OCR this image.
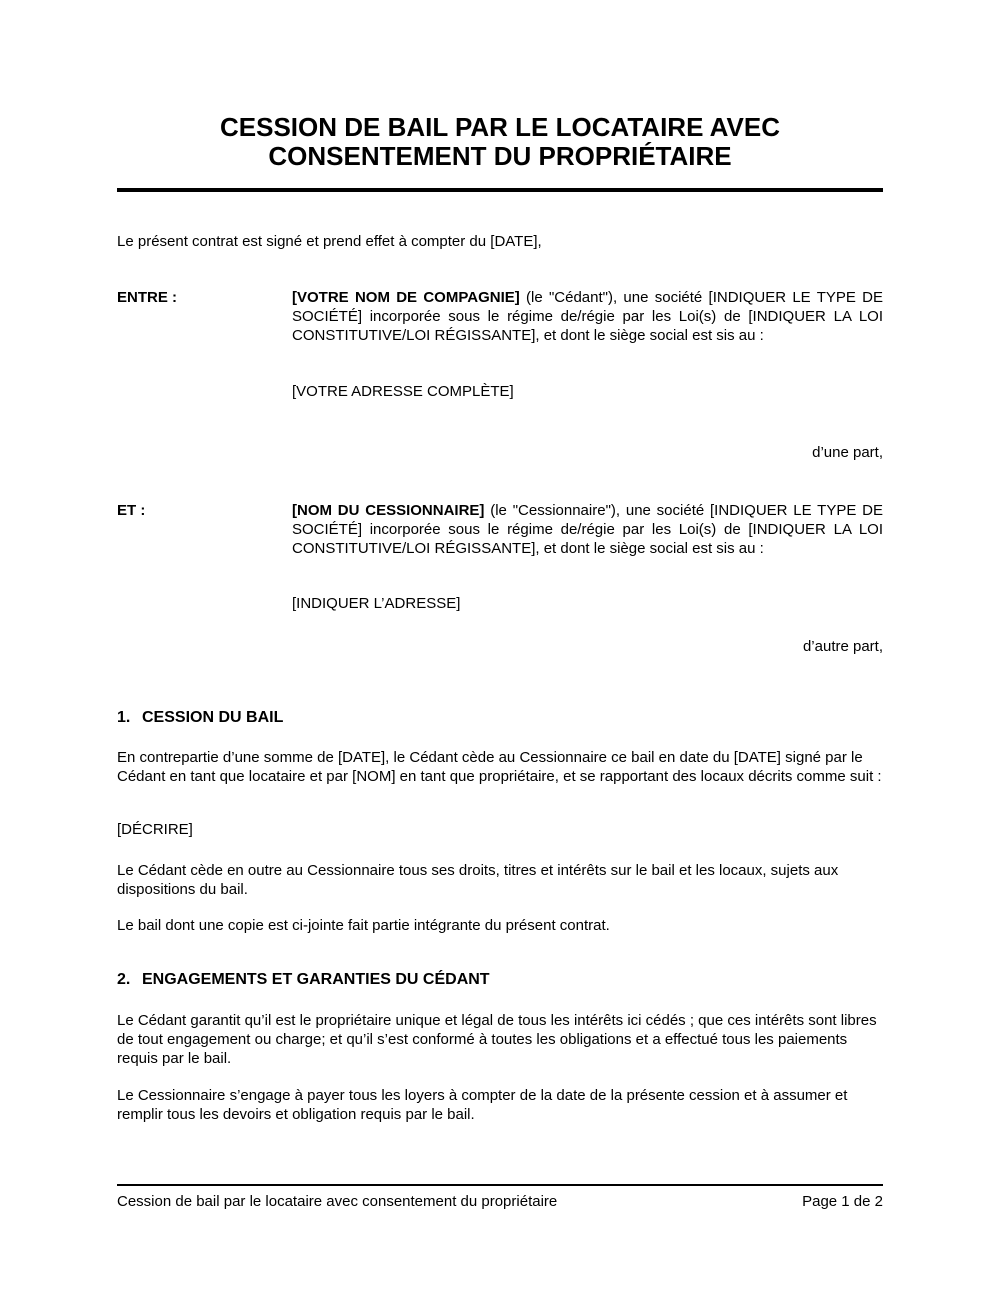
CESSION DE BAIL PAR LE LOCATAIRE AVEC
CONSENTEMENT DU PROPRIÉTAIRE
Le présent contrat est signé et prend effet à compter du [DATE],
ENTRE :	[VOTRE NOM DE COMPAGNIE] (le "Cédant"), une société [INDIQUER LE TYPE DE SOCIÉTÉ] incorporée sous le régime de/régie par les Loi(s) de [INDIQUER LA LOI CONSTITUTIVE/LOI RÉGISSANTE], et dont le siège social est sis au :
[VOTRE ADRESSE COMPLÈTE]
d’une part,
ET :	[NOM DU CESSIONNAIRE] (le "Cessionnaire"), une société [INDIQUER LE TYPE DE SOCIÉTÉ] incorporée sous le régime de/régie par les Loi(s) de [INDIQUER LA LOI CONSTITUTIVE/LOI RÉGISSANTE], et dont le siège social est sis au :
[INDIQUER L’ADRESSE]
d’autre part,
1. CESSION DU BAIL
En contrepartie d’une somme de [DATE], le Cédant cède au Cessionnaire ce bail en date du [DATE] signé par le Cédant en tant que locataire et par [NOM] en tant que propriétaire, et se rapportant des locaux décrits comme suit :
[DÉCRIRE]
Le Cédant cède en outre au Cessionnaire tous ses droits, titres et intérêts sur le bail et les locaux, sujets aux dispositions du bail.
Le bail dont une copie est ci-jointe fait partie intégrante du présent contrat.
2. ENGAGEMENTS ET GARANTIES DU CÉDANT
Le Cédant garantit qu’il est le propriétaire unique et légal de tous les intérêts ici cédés ; que ces intérêts sont libres de tout engagement ou charge; et qu’il s’est conformé à toutes les obligations et a effectué tous les paiements requis par le bail.
Le Cessionnaire s’engage à payer tous les loyers à compter de la date de la présente cession et à assumer et remplir tous les devoirs et obligation requis par le bail.
Cession de bail par le locataire avec consentement du propriétaire	Page 1 de 2
